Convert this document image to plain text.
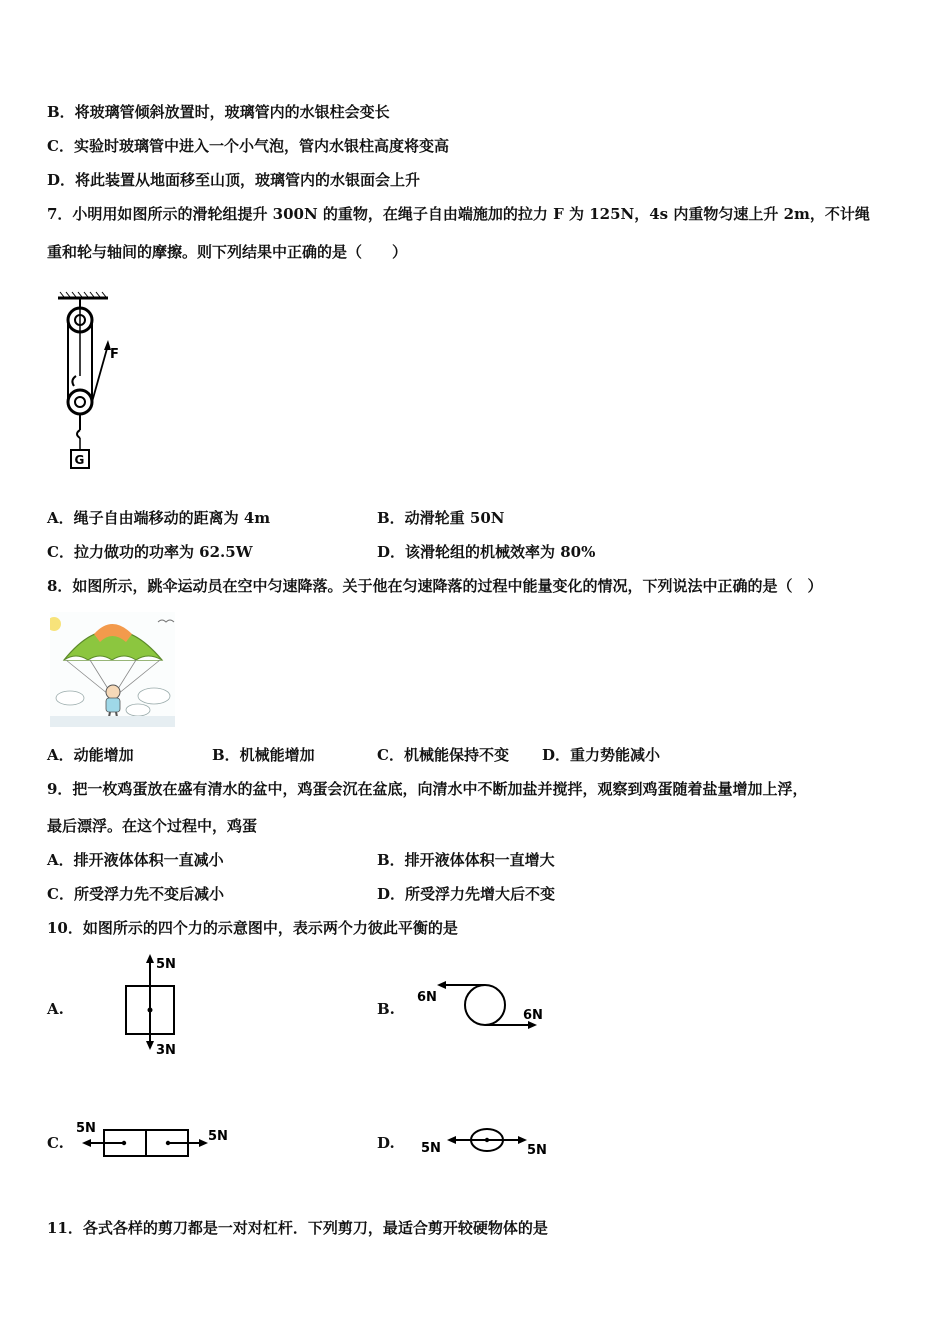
B．将玻璃管倾斜放置时，玻璃管内的水银柱会变长
C．实验时玻璃管中进入一个小气泡，管内水银柱高度将变高
D．将此装置从地面移至山顶，玻璃管内的水银面会上升
7．小明用如图所示的滑轮组提升 300N 的重物，在绳子自由端施加的拉力 F 为 125N，4s 内重物匀速上升 2m，不计绳
重和轮与轴间的摩擦。则下列结果中正确的是（　　）
F
G
A．绳子自由端移动的距离为 4m	B．动滑轮重 50N
C．拉力做功的功率为 62.5W	D．该滑轮组的机械效率为 80%
8．如图所示，跳伞运动员在空中匀速降落。关于他在匀速降落的过程中能量变化的情况，下列说法中正确的是（　）
A．动能增加	B．机械能增加	C．机械能保持不变 D．重力势能减小
9．把一枚鸡蛋放在盛有清水的盆中，鸡蛋会沉在盆底，向清水中不断加盐并搅拌，观察到鸡蛋随着盐量增加上浮，
最后漂浮。在这个过程中，鸡蛋
A．排开液体体积一直减小	B．排开液体体积一直增大
C．所受浮力先不变后减小	D．所受浮力先增大后不变
10．如图所示的四个力的示意图中，表示两个力彼此平衡的是
A.
5N
3N
B.
6N
6N
C.
5N
5N	D. 5N	5N
11．各式各样的剪刀都是一对对杠杆．下列剪刀，最适合剪开较硬物体的是
